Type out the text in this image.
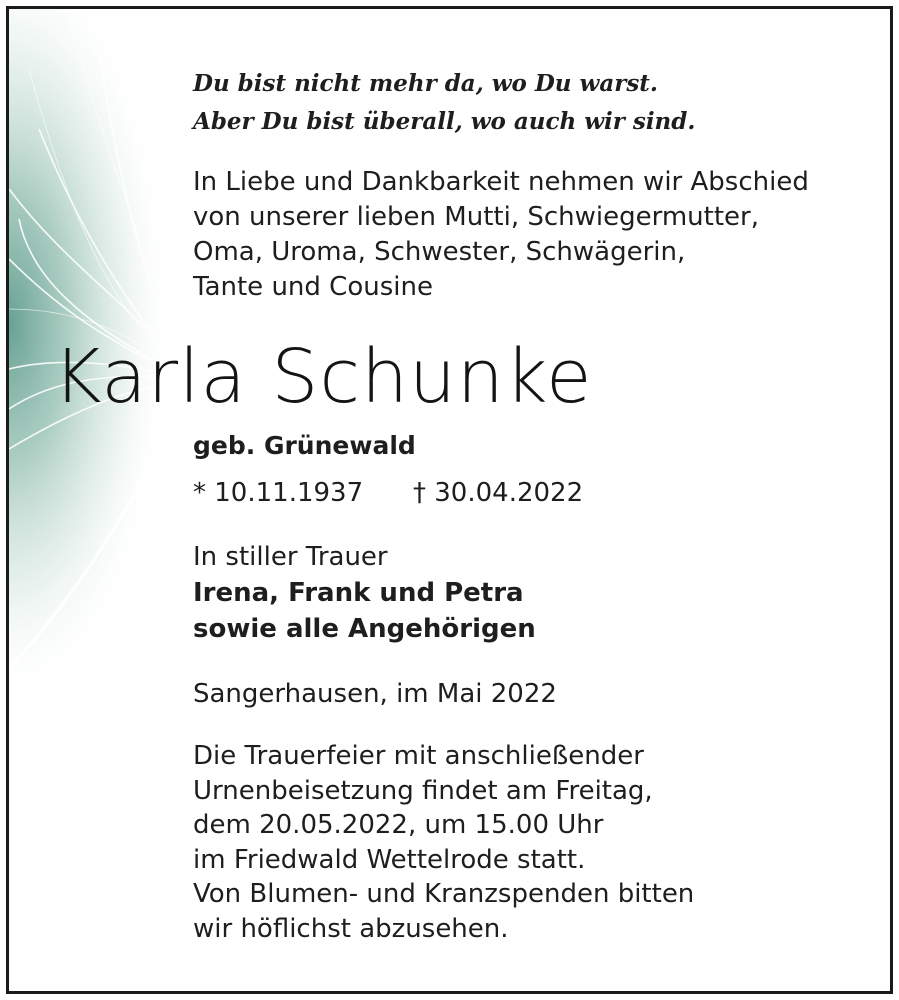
Du bist nicht mehr da, wo Du warst.
Aber Du bist überall, wo auch wir sind.
In Liebe und Dankbarkeit nehmen wir Abschied
von unserer lieben Mutti, Schwiegermutter,
Oma, Uroma, Schwester, Schwägerin,
Tante und Cousine
Karla Schunke
geb. Grünewald
* 10.11.1937 † 30.04.2022
In stiller Trauer
Irena, Frank und Petra
sowie alle Angehörigen
Sangerhausen, im Mai 2022
Die Trauerfeier mit anschließender
Urnenbeisetzung findet am Freitag,
dem 20.05.2022, um 15.00 Uhr
im Friedwald Wettelrode statt.
Von Blumen- und Kranzspenden bitten
wir höflichst abzusehen.
